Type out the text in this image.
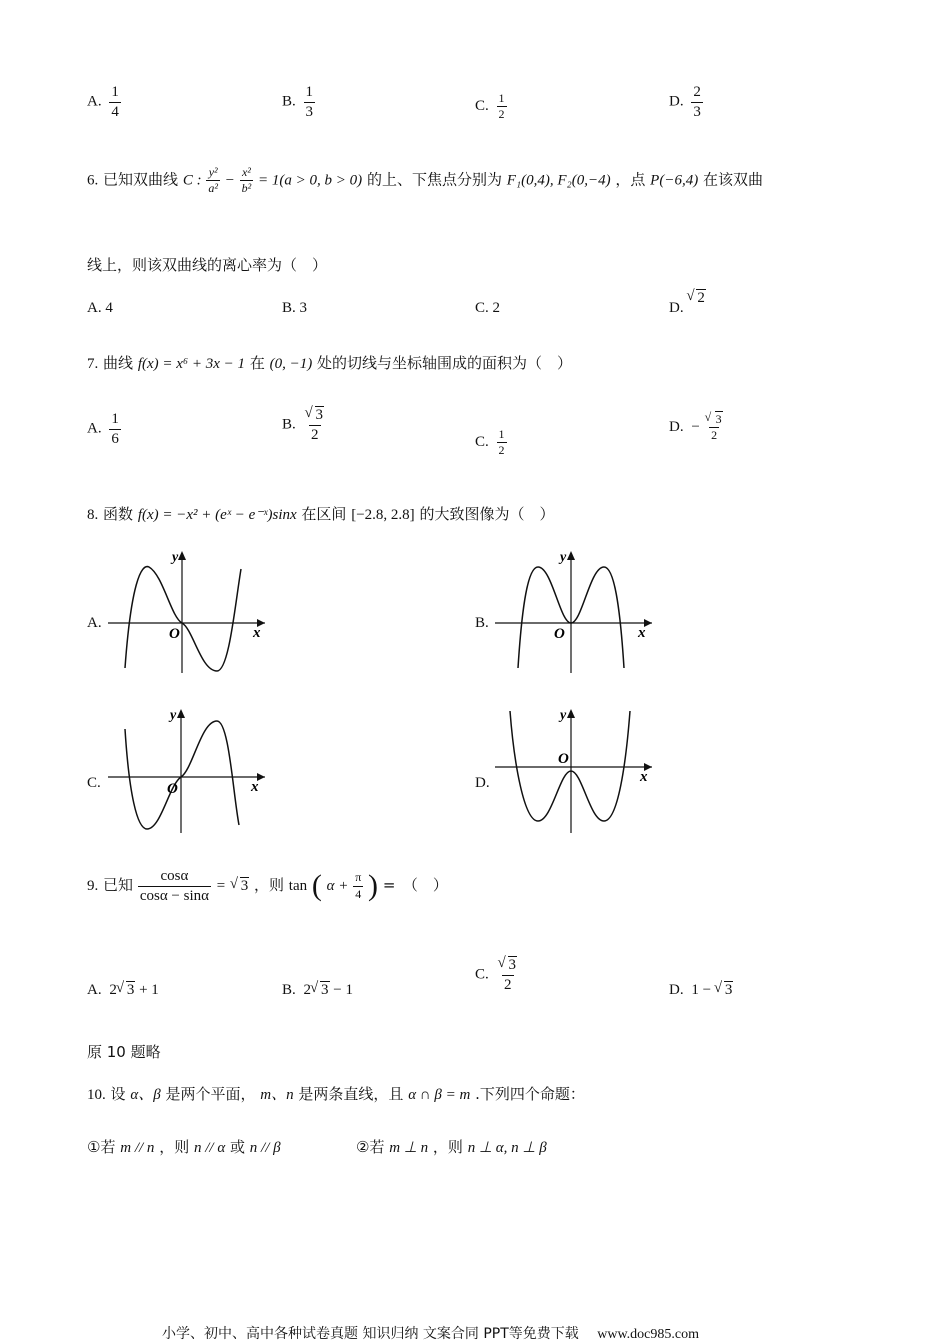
A. $\frac{1}{4}$	B. $\frac{1}{3}$	C. $\frac{1}{2}$	D. $\frac{2}{3}$
6. 已知双曲线 C : $\frac{\text{y²}}{\text{a²}} - \frac{\text{x²}}{\text{b²}} = 1(a > 0$, b > 0) 的上、下焦点分别为 F₁(0,4), F₂(0,−4) ，点 P(−6,4) 在该双曲
线上，则该双曲线的离心率为（　）
A. 4	B. 3	C. 2	D. √ 2
7. 曲线 f(x) = x⁶ + 3x − 1 在 (0, −1) 处的切线与坐标轴围成的面积为（　）
A. $\frac{1}{6}$	B. √ $\frac{3}{2}$	C. $\frac{1}{2}$
D. − √ $\frac{3}{2}$
8. 函数 f(x) = −x² + (eˣ − e⁻ˣ)sinx 在区间 [−2.8, 2.8] 的大致图像为（　）
A.
y
O	x
B.
y
O	x
C.
y
O	x	D.
y
O
x
9. 已知 $\frac{\cos\alpha}{\cos\alpha - \sin\alpha}$ = √ 3 ，则 tan ( $\alpha + \frac{\pi}{4}$ ) =　（　）
A. 2 √ 3 + 1	B. 2 √ 3 − 1
C. √ $\frac{3}{2}$	D. 1 − √ 3
原 10 题略
10. 设 α、β 是两个平面， m、n 是两条直线，且 α ∩ β = m .下列四个命题：
①若 m // n ，则 n // α 或 n // β	②若 m ⊥ n ，则 n ⊥ α, n ⊥ β
小学、初中、高中各种试卷真题 知识归纳 文案合同 PPT等免费下载 www.doc985.com
